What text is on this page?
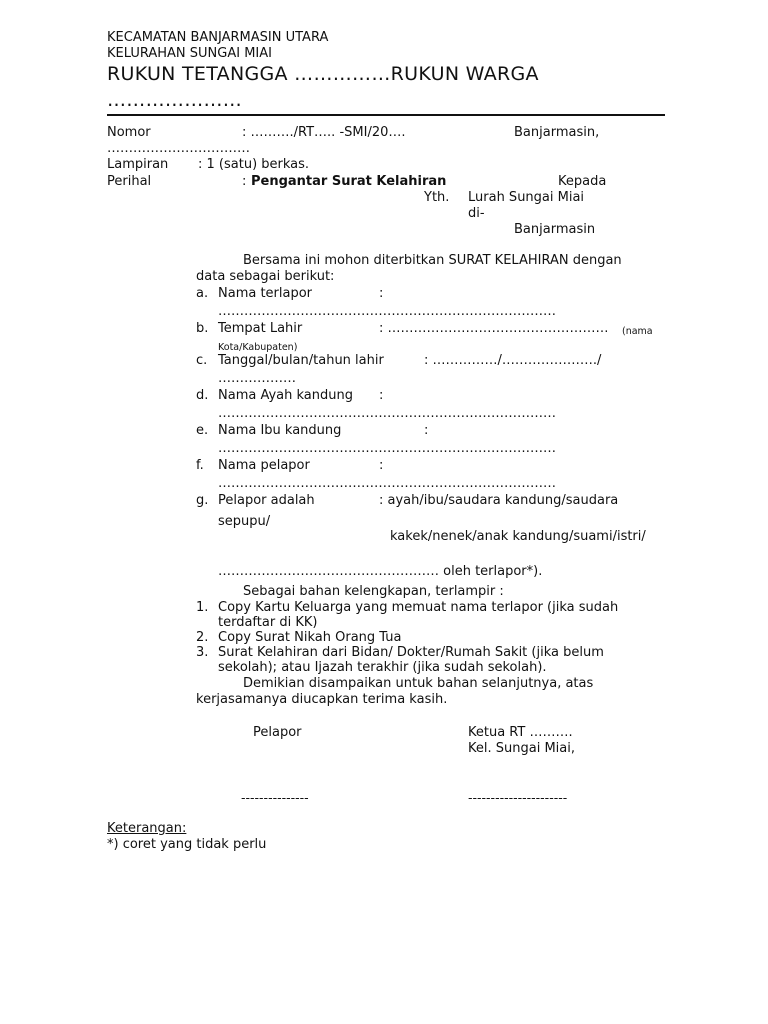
KECAMATAN BANJARMASIN UTARA
KELURAHAN SUNGAI MIAI
RUKUN TETANGGA ……………RUKUN WARGA
…………………
Nomor	: ………./RT….. -SMI/20….	Banjarmasin,
……………………………
Lampiran : 1 (satu) berkas.
Perihal	: Pengantar Surat Kelahiran	Kepada
Yth. Lurah Sungai Miai
di-
Banjarmasin
Bersama ini mohon diterbitkan SURAT KELAHIRAN dengan
data sebagai berikut:
a. Nama terlapor	:
……………………………………………………………………
b. Tempat Lahir	: …………………………………………… (nama
Kota/Kabupaten)
c. Tanggal/bulan/tahun lahir	: ……………/…………………./
………………
d. Nama Ayah kandung :
……………………………………………………………………
e. Nama Ibu kandung	:
……………………………………………………………………
f. Nama pelapor	:
……………………………………………………………………
g. Pelapor adalah	: ayah/ibu/saudara kandung/saudara
sepupu/
kakek/nenek/anak kandung/suami/istri/
…………………………………………… oleh terlapor*).
Sebagai bahan kelengkapan, terlampir :
1. Copy Kartu Keluarga yang memuat nama terlapor (jika sudah
terdaftar di KK)
2. Copy Surat Nikah Orang Tua
3. Surat Kelahiran dari Bidan/ Dokter/Rumah Sakit (jika belum
sekolah); atau Ijazah terakhir (jika sudah sekolah).
Demikian disampaikan untuk bahan selanjutnya, atas
kerjasamanya diucapkan terima kasih.
Pelapor	Ketua RT ……….
Kel. Sungai Miai,
---------------	----------------------
Keterangan:
*) coret yang tidak perlu
